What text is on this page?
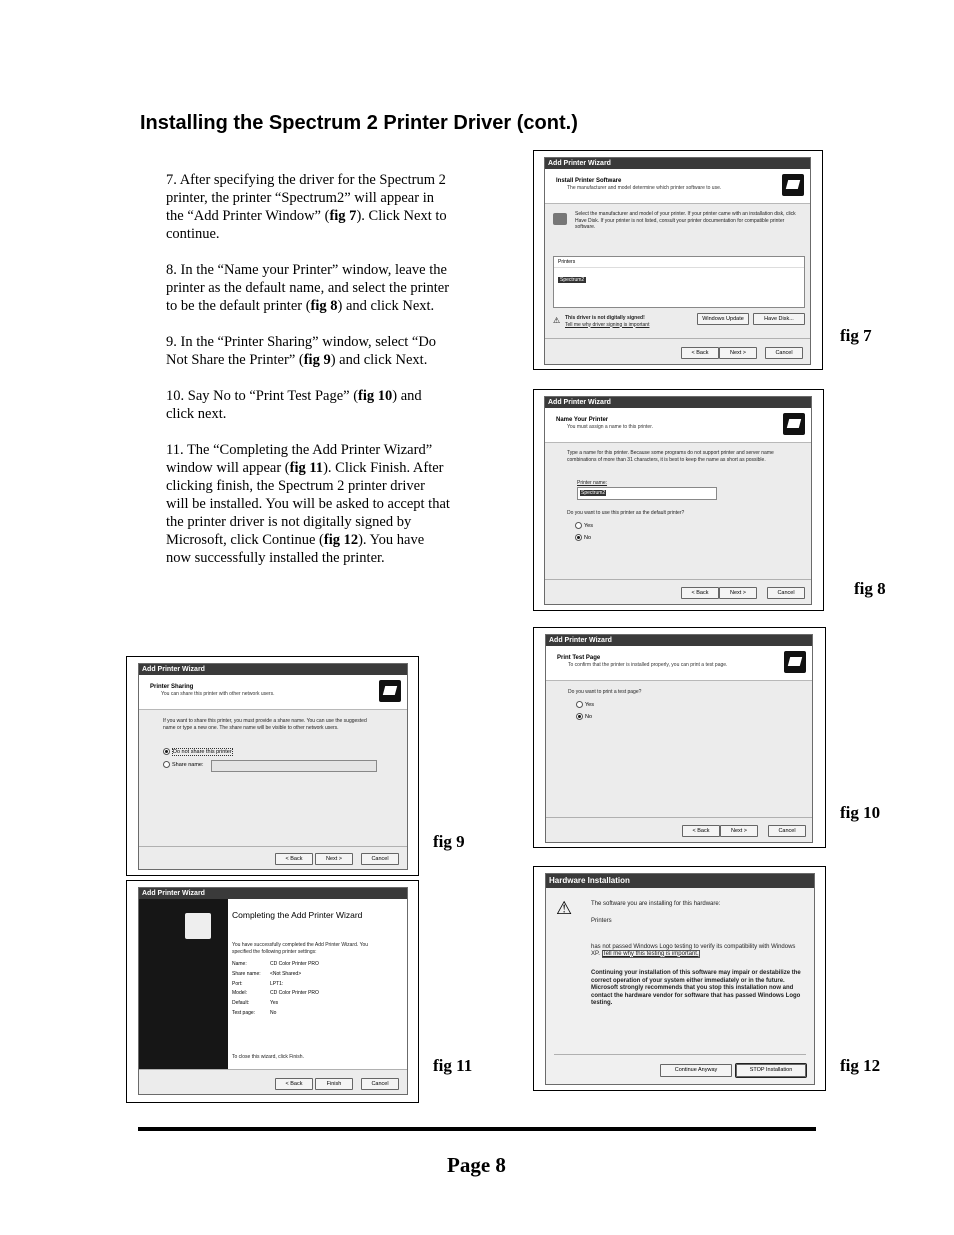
Installing the Spectrum 2 Printer Driver (cont.)

7. After specifying the driver for the Spectrum 2 printer, the printer “Spectrum2” will appear in the “Add Printer Window” (fig 7). Click Next to continue.

8. In the “Name your Printer” window, leave the printer as the default name, and select the printer to be the default printer (fig 8) and click Next.

9. In the “Printer Sharing” window, select “Do Not Share the Printer” (fig 9) and click Next.

10. Say No to “Print Test Page” (fig 10) and click next.

11. The “Completing the Add Printer Wizard” window will appear (fig 11). Click Finish. After clicking finish, the Spectrum 2 printer driver will be installed. You will be asked to accept that the printer driver is not digitally signed by Microsoft, click Continue (fig 12). You have now successfully installed the printer.

Add Printer Wizard
Install Printer Software
The manufacturer and model determine which printer software to use.
Select the manufacturer and model of your printer. If your printer came with an installation disk, click Have Disk. If your printer is not listed, consult your printer documentation for compatible printer software.
Printers
Spectrum2
⚠ This driver is not digitally signed!
Tell me why driver signing is important
Windows Update	Have Disk...
< Back	Next >	Cancel
fig 7
Add Printer Wizard
Name Your Printer
You must assign a name to this printer.
Type a name for this printer. Because some programs do not support printer and server name combinations of more than 31 characters, it is best to keep the name as short as possible.
Printer name:
Spectrum2
Do you want to use this printer as the default printer?
Yes
No
< Back	Next >	Cancel	fig 8
Add Printer Wizard
Print Test Page
To confirm that the printer is installed properly, you can print a test page.
Do you want to print a test page?
Yes
No
< Back	Next >	Cancel
fig 10
Hardware Installation
⚠	The software you are installing for this hardware:
Printers
has not passed Windows Logo testing to verify its compatibility with Windows XP. Tell me why this testing is important.
Continuing your installation of this software may impair or destabilize the correct operation of your system either immediately or in the future. Microsoft strongly recommends that you stop this installation now and contact the hardware vendor for software that has passed Windows Logo testing.
Continue Anyway	STOP Installation	fig 12
Add Printer Wizard
Printer Sharing
You can share this printer with other network users.
If you want to share this printer, you must provide a share name. You can use the suggested name or type a new one. The share name will be visible to other network users.
Do not share this printer
Share name:
< Back	Next >	Cancel
fig 9
Add Printer Wizard
Completing the Add Printer Wizard
You have successfully completed the Add Printer Wizard. You specified the following printer settings:
Name:	CD Color Printer PRO
Share name:	<Not Shared>
Port:	LPT1:
Model:	CD Color Printer PRO
Default:	Yes
Test page:	No
To close this wizard, click Finish.
< Back	Finish	Cancel
fig 11
Page 8
